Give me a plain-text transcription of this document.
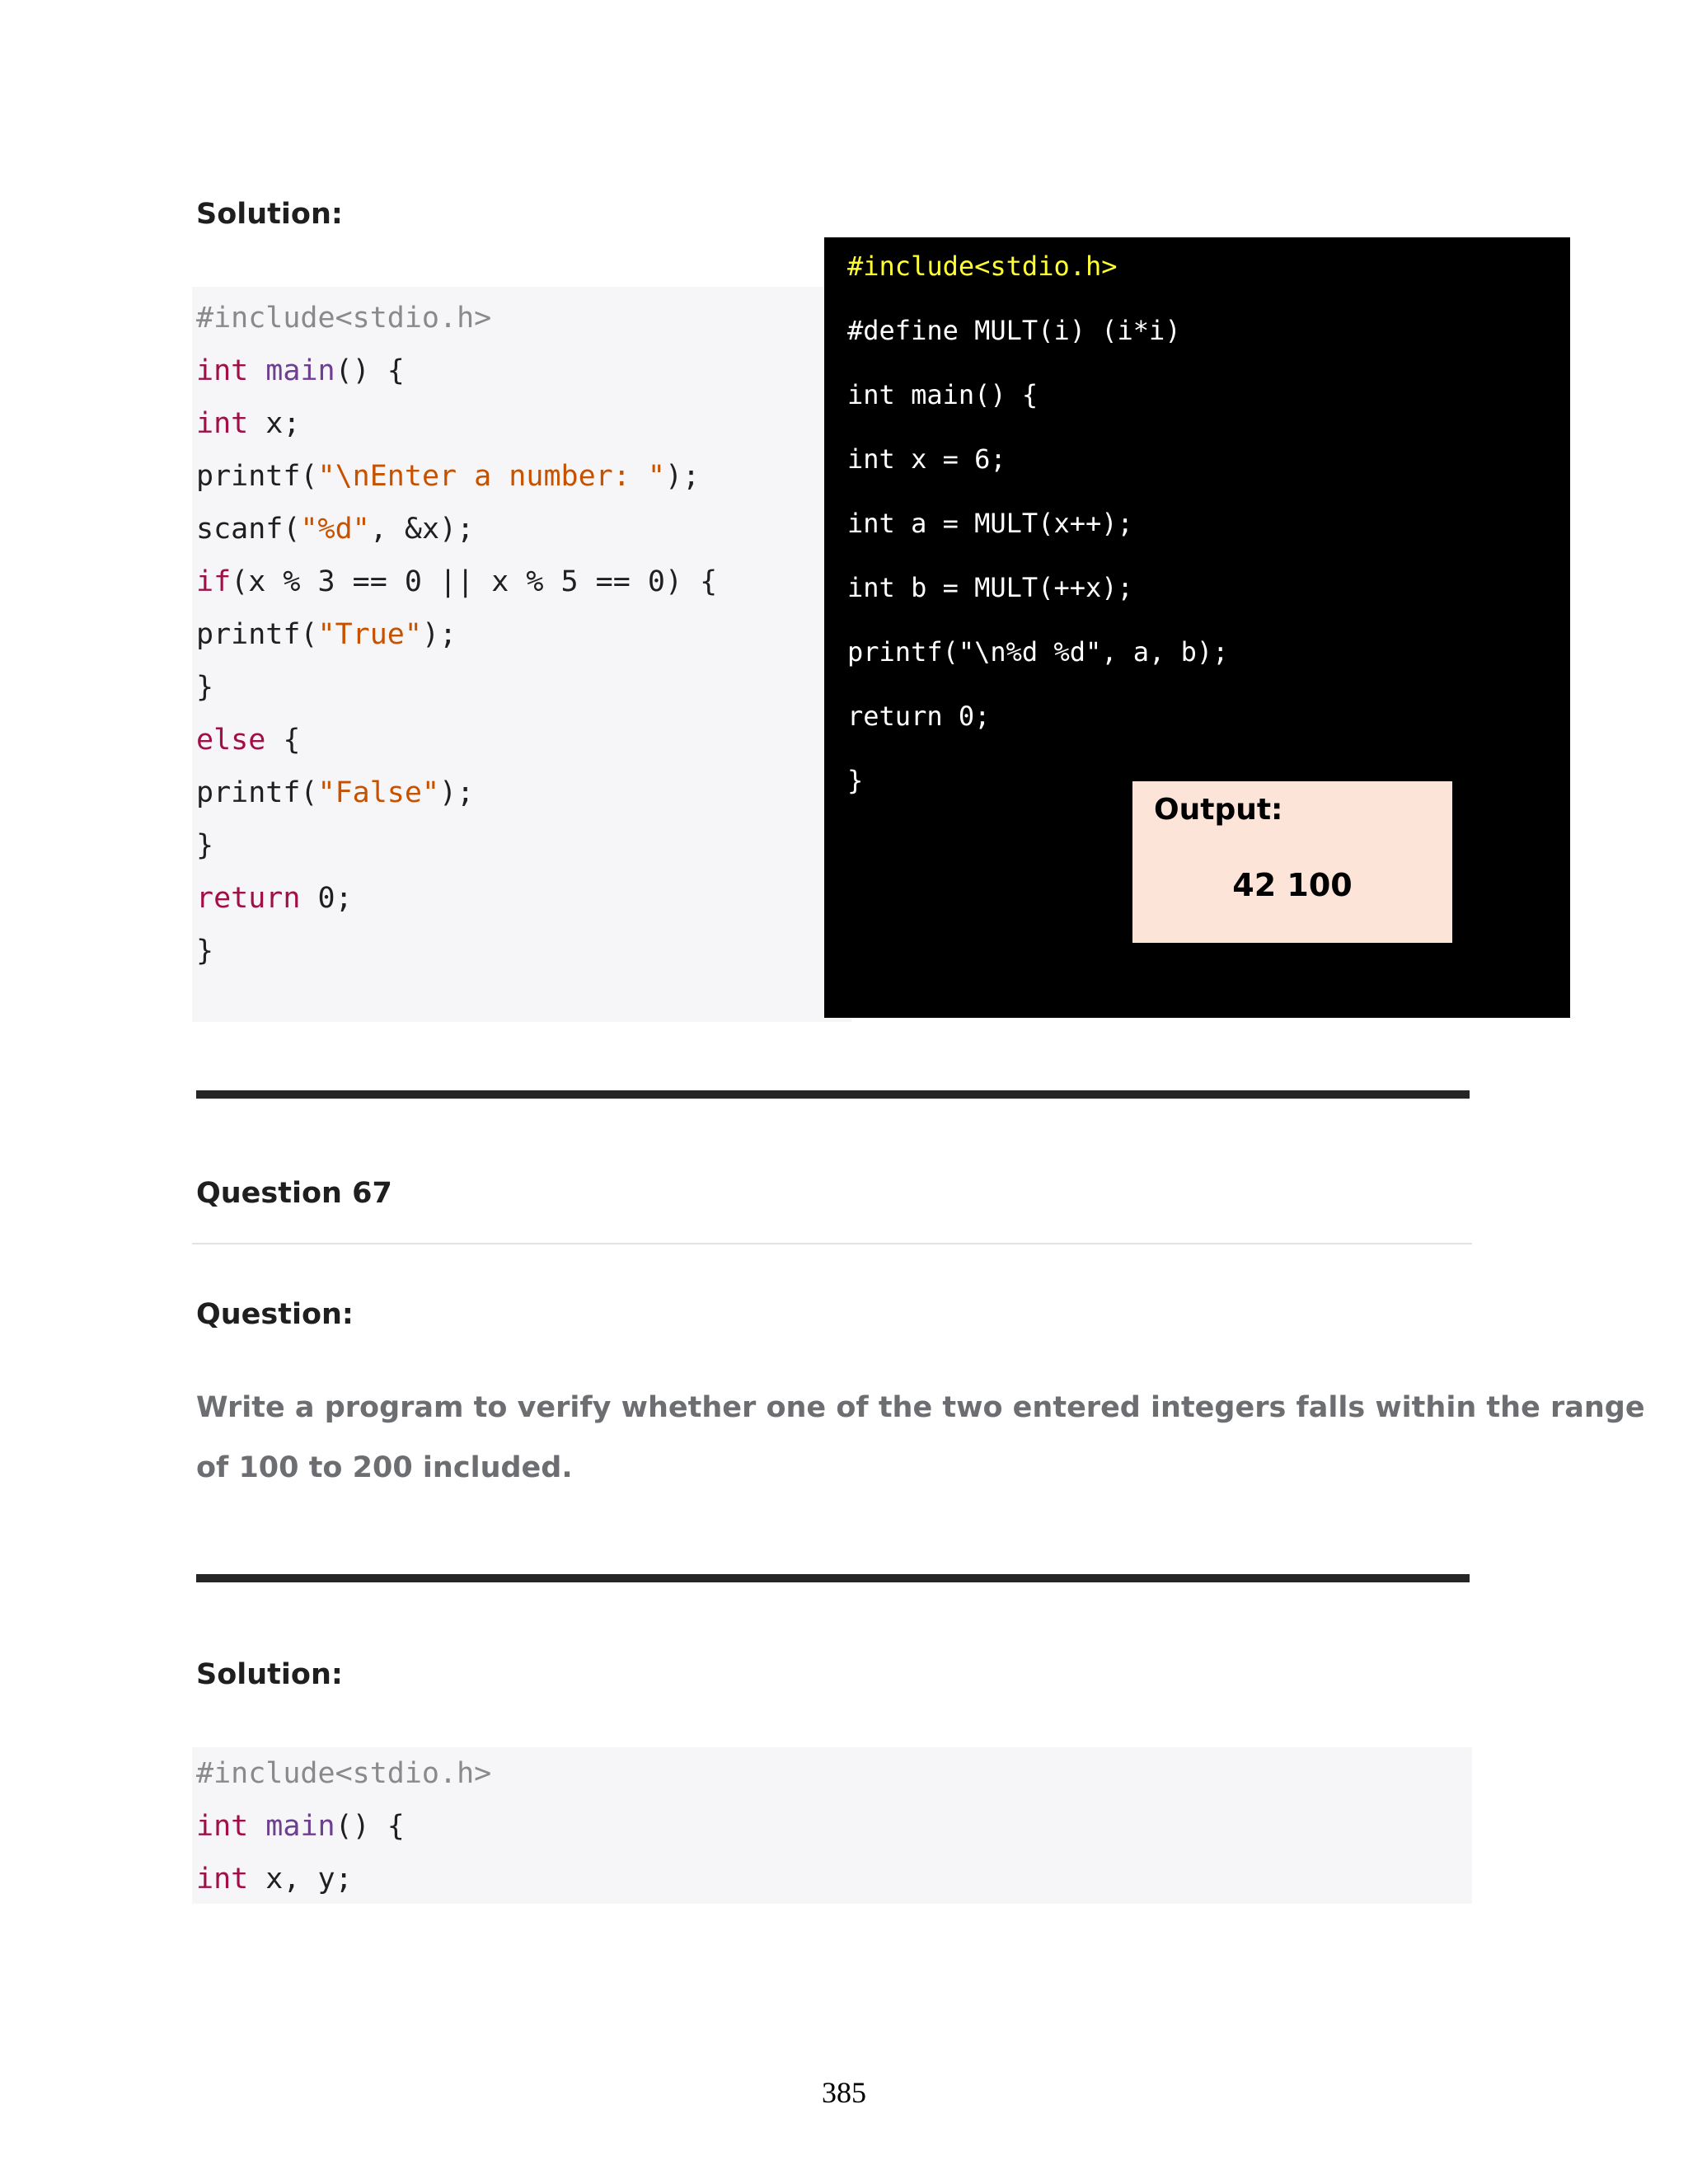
Solution:
#include<stdio.h>
int main() {
int x;
printf("\nEnter a number: ");
scanf("%d", &x);
if(x % 3 == 0 || x % 5 == 0) {
printf("True");
}
else {
printf("False");
}
return 0;
}
#include<stdio.h>
#define MULT(i) (i*i)
int main() {
int x = 6;
int a = MULT(x++);
int b = MULT(++x);
printf("\n%d %d", a, b);
return 0;
}
Output:
42 100
Question 67
Question:
Write a program to verify whether one of the two entered integers falls within the range
of 100 to 200 included.
Solution:
#include<stdio.h>
int main() {
int x, y;
385
